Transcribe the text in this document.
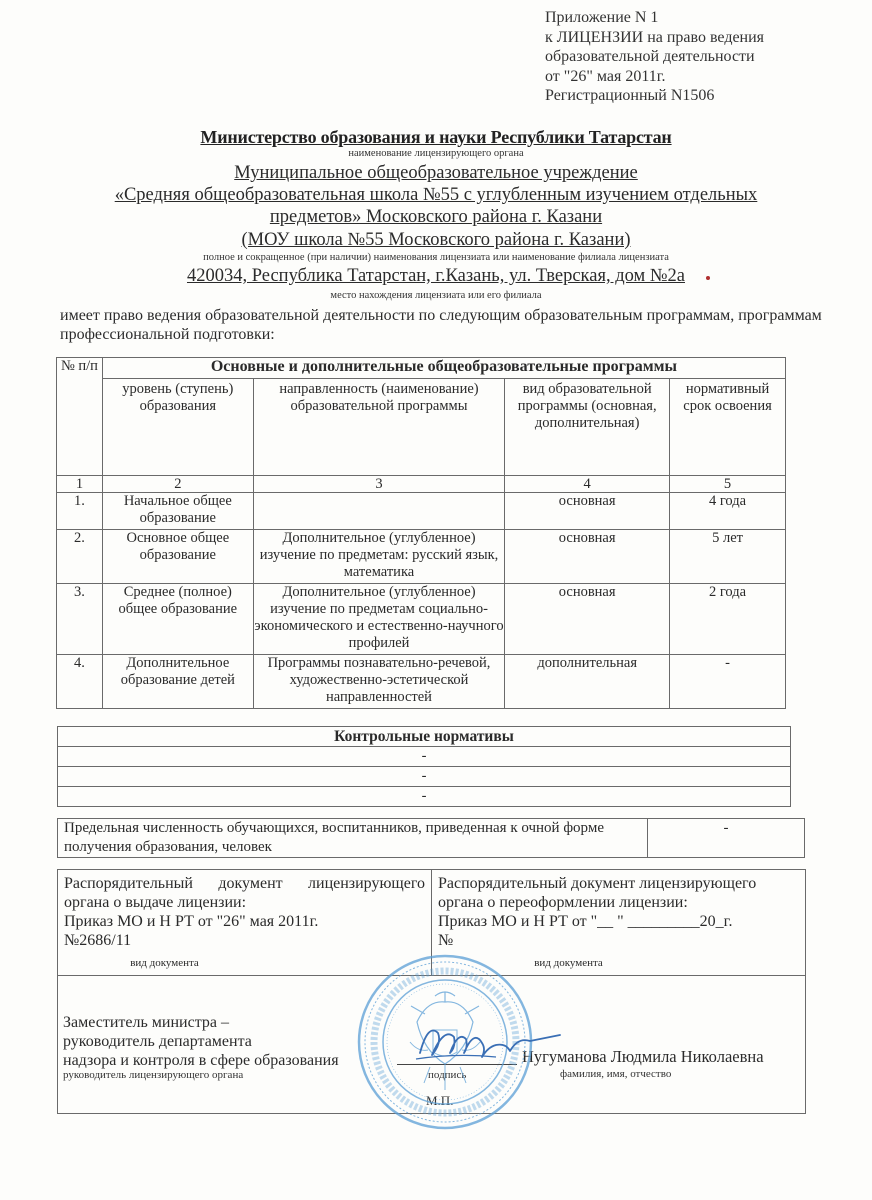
Приложение N 1
к ЛИЦЕНЗИИ на право ведения
образовательной деятельности
от "26" мая 2011г.
Регистрационный N1506
Министерство образования и науки Республики Татарстан
наименование лицензирующего органа
Муниципальное общеобразовательное учреждение
«Средняя общеобразовательная школа №55 с углубленным изучением отдельных
предметов» Московского района г. Казани
(МОУ школа №55 Московского района г. Казани)
полное и сокращенное (при наличии) наименования лицензиата или наименование филиала лицензиата
420034, Республика Татарстан, г.Казань, ул. Тверская, дом №2а
место нахождения лицензиата или его филиала
имеет право ведения образовательной деятельности по следующим образовательным программам, программам профессиональной подготовки:
№ п/п	Основные и дополнительные общеобразовательные программы			
	уровень (ступень) образования	направленность (наименование) образовательной программы	вид образовательной программы (основная, дополнительная)	нормативный срок освоения
1	2	3	4	5
1.	Начальное общее образование		основная	4 года
2.	Основное общее образование	Дополнительное (углубленное) изучение по предметам: русский язык, математика	основная	5 лет
3.	Среднее (полное) общее образование	Дополнительное (углубленное) изучение по предметам социально-экономического и естественно-научного профилей	основная	2 года
4.	Дополнительное образование детей	Программы познавательно-речевой, художественно-эстетической направленностей	дополнительная	-
Контрольные нормативы
-
-
-
Предельная численность обучающихся, воспитанников, приведенная к очной форме получения образования, человек	-
Распорядительный документ лицензирующего
органа о выдаче лицензии:
Приказ МО и Н РТ от "26" мая 2011г.
№2686/11
вид документа

Распорядительный документ лицензирующего
органа о переоформлении лицензии:
Приказ МО и Н РТ от "__ " _________20_г.
№
вид документа

Заместитель министра –
руководитель департамента
надзора и контроля в сфере образования
руководитель лицензирующего органа	подпись
М.П.
Нугуманова Людмила Николаевна
фамилия, имя, отчество
